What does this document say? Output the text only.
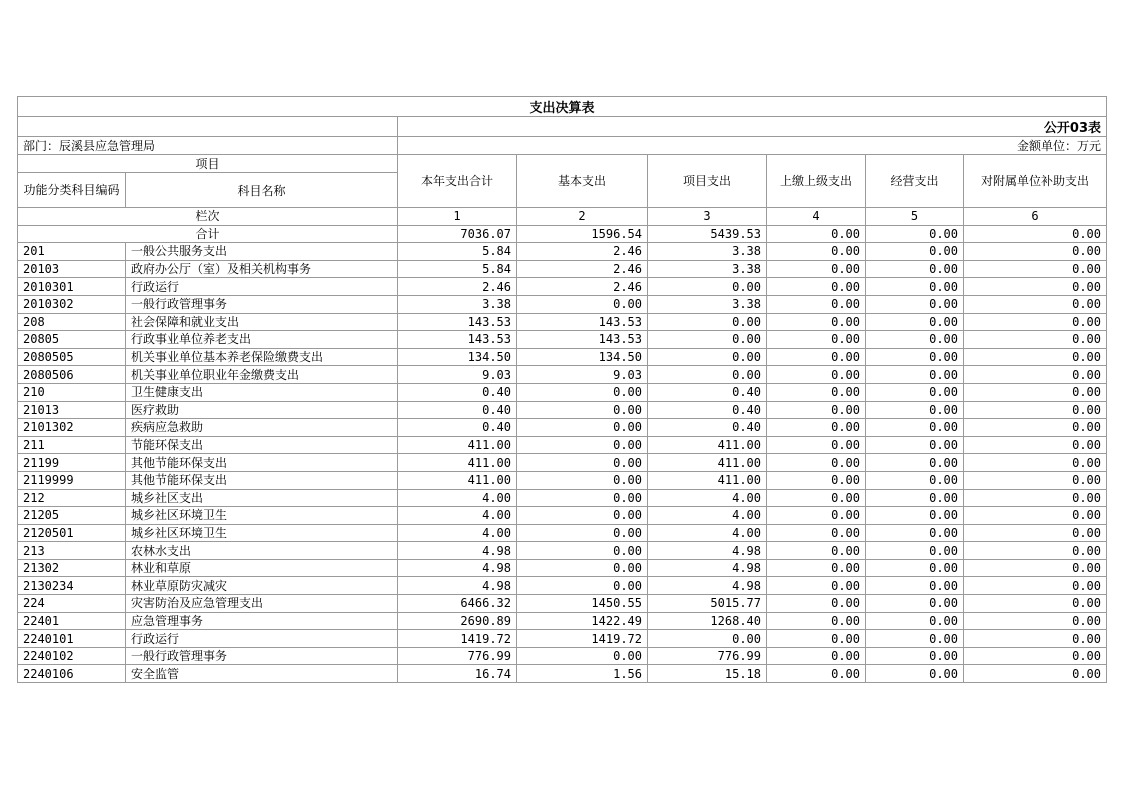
支出决算表							
		公开03表					
部门：辰溪县应急管理局		金额单位：万元					
项目		本年支出合计	基本支出	项目支出	上缴上级支出	经营支出	对附属单位补助支出
功能分类科目编码	科目名称						
栏次		1	2	3	4	5	6
合计		7036.07	1596.54	5439.53	0.00	0.00	0.00
201	一般公共服务支出	5.84	2.46	3.38	0.00	0.00	0.00
20103	政府办公厅（室）及相关机构事务	5.84	2.46	3.38	0.00	0.00	0.00
2010301	行政运行	2.46	2.46	0.00	0.00	0.00	0.00
2010302	一般行政管理事务	3.38	0.00	3.38	0.00	0.00	0.00
208	社会保障和就业支出	143.53	143.53	0.00	0.00	0.00	0.00
20805	行政事业单位养老支出	143.53	143.53	0.00	0.00	0.00	0.00
2080505	机关事业单位基本养老保险缴费支出	134.50	134.50	0.00	0.00	0.00	0.00
2080506	机关事业单位职业年金缴费支出	9.03	9.03	0.00	0.00	0.00	0.00
210	卫生健康支出	0.40	0.00	0.40	0.00	0.00	0.00
21013	医疗救助	0.40	0.00	0.40	0.00	0.00	0.00
2101302	疾病应急救助	0.40	0.00	0.40	0.00	0.00	0.00
211	节能环保支出	411.00	0.00	411.00	0.00	0.00	0.00
21199	其他节能环保支出	411.00	0.00	411.00	0.00	0.00	0.00
2119999	其他节能环保支出	411.00	0.00	411.00	0.00	0.00	0.00
212	城乡社区支出	4.00	0.00	4.00	0.00	0.00	0.00
21205	城乡社区环境卫生	4.00	0.00	4.00	0.00	0.00	0.00
2120501	城乡社区环境卫生	4.00	0.00	4.00	0.00	0.00	0.00
213	农林水支出	4.98	0.00	4.98	0.00	0.00	0.00
21302	林业和草原	4.98	0.00	4.98	0.00	0.00	0.00
2130234	林业草原防灾减灾	4.98	0.00	4.98	0.00	0.00	0.00
224	灾害防治及应急管理支出	6466.32	1450.55	5015.77	0.00	0.00	0.00
22401	应急管理事务	2690.89	1422.49	1268.40	0.00	0.00	0.00
2240101	行政运行	1419.72	1419.72	0.00	0.00	0.00	0.00
2240102	一般行政管理事务	776.99	0.00	776.99	0.00	0.00	0.00
2240106	安全监管	16.74	1.56	15.18	0.00	0.00	0.00
